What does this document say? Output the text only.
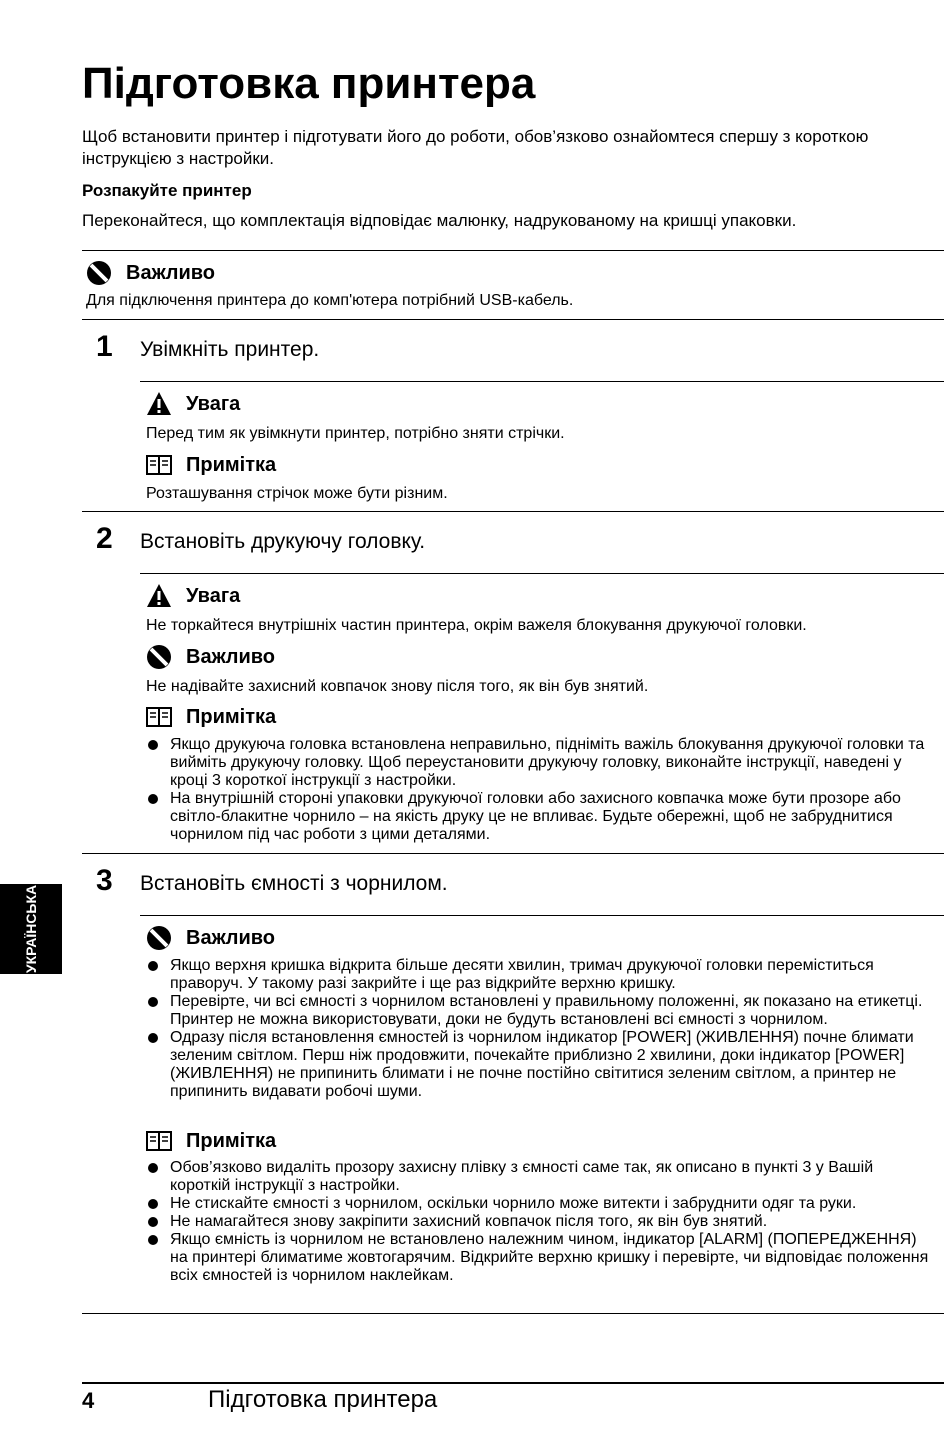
Підготовка принтера

Щоб встановити принтер і підготувати його до роботи, обов’язково ознайомтеся спершу з короткою інструкцією з настройки.

Розпакуйте принтер

Переконайтеся, що комплектація відповідає малюнку, надрукованому на кришці упаковки.

Важливо

Для підключення принтера до комп'ютера потрібний USB-кабель.

1	Увімкніть принтер.
Увага

Перед тим як увімкнути принтер, потрібно зняти стрічки.

Примітка

Розташування стрічок може бути різним.

2	Встановіть друкуючу головку.
Увага

Не торкайтеся внутрішніх частин принтера, окрім важеля блокування друкуючої головки.

Важливо

Не надівайте захисний ковпачок знову після того, як він був знятий.

Примітка
Якщо друкуюча головка встановлена неправильно, підніміть важіль блокування друкуючої головки та вийміть друкуючу головку. Щоб переустановити друкуючу головку, виконайте інструкції, наведені у кроці 3 короткої інструкції з настройки.
На внутрішній стороні упаковки друкуючої головки або захисного ковпачка може бути прозоре або світло-блакитне чорнило – на якість друку це не впливає. Будьте обережні, щоб не забруднитися чорнилом під час роботи з цими деталями.
3	Встановіть ємності з чорнилом.
Важливо
Якщо верхня кришка відкрита більше десяти хвилин, тримач друкуючої головки переміститься праворуч. У такому разі закрийте і ще раз відкрийте верхню кришку.
Перевірте, чи всі ємності з чорнилом встановлені у правильному положенні, як показано на етикетці. Принтер не можна використовувати, доки не будуть встановлені всі ємності з чорнилом.
Одразу після встановлення ємностей із чорнилом індикатор [POWER] (ЖИВЛЕННЯ) почне блимати зеленим світлом. Перш ніж продовжити, почекайте приблизно 2 хвилини, доки індикатор [POWER] (ЖИВЛЕННЯ) не припинить блимати і не почне постійно світитися зеленим світлом, а принтер не припинить видавати робочі шуми.
Примітка
Обов’язково видаліть прозору захисну плівку з ємності саме так, як описано в пункті 3 у Вашій короткій інструкції з настройки.
Не стискайте ємності з чорнилом, оскільки чорнило може витекти і забруднити одяг та руки.
Не намагайтеся знову закріпити захисний ковпачок після того, як він був знятий.
Якщо ємність із чорнилом не встановлено належним чином, індикатор [ALARM] (ПОПЕРЕДЖЕННЯ) на принтері блиматиме жовтогарячим. Відкрийте верхню кришку і перевірте, чи відповідає положення всіх ємностей із чорнилом наклейкам.
УКРАЇНСЬКА
4	Підготовка принтера
